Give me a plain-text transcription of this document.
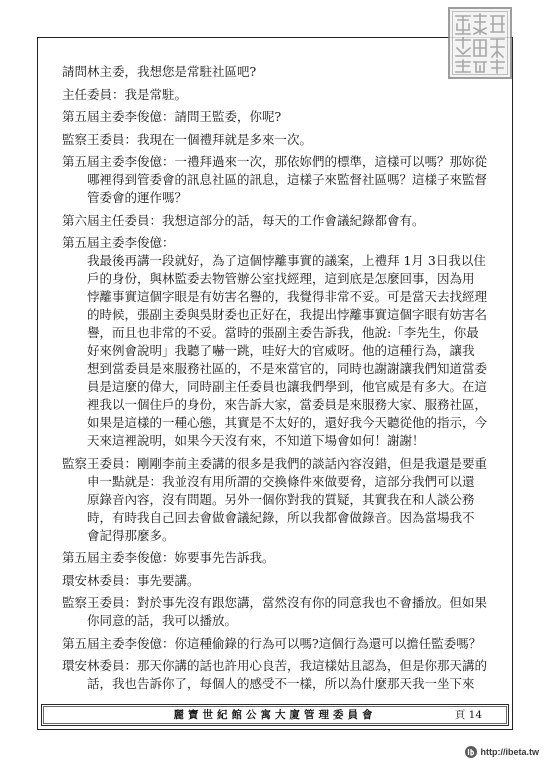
請問林主委，我想您是常駐社區吧?
主任委員：我是常駐。
第五屆主委李俊億：請問王監委，你呢?
監察王委員：我現在一個禮拜就是多來一次。
第五屆主委李俊億：一禮拜過來一次，那依妳們的標準，這樣可以嗎？那妳從
哪裡得到管委會的訊息社區的訊息，這樣子來監督社區嗎？這樣子來監督
管委會的運作嗎？
第六屆主任委員：我想這部分的話，每天的工作會議紀錄都會有。
第五屆主委李俊億：
我最後再講一段就好，為了這個悖離事實的議案，上禮拜 1月 3日我以住
戶的身份，與林監委去物管辦公室找經理，這到底是怎麼回事，因為用
悖離事實這個字眼是有妨害名譽的，我覺得非常不妥。可是當天去找經理
的時候，張副主委與吳財委也正好在，我提出悖離事實這個字眼有妨害名
譽，而且也非常的不妥。當時的張副主委告訴我，他說:「李先生，你最
好來例會說明」我聽了嚇一跳，哇好大的官威呀。他的這種行為，讓我
想到當委員是來服務社區的，不是來當官的，同時也謝謝讓我們知道當委
員是這麼的偉大，同時副主任委員也讓我們學到，他官威是有多大。在這
裡我以一個住戶的身份，來告訴大家，當委員是來服務大家、服務社區，
如果是這樣的一種心態，其實是不太好的，還好我今天聽從他的指示，今
天來這裡說明，如果今天沒有來，不知道下場會如何！謝謝！
監察王委員：剛剛李前主委講的很多是我們的談話內容沒錯，但是我還是要重
申一點就是：我並沒有用所謂的交換條件來做要脅，這部分我們可以還
原錄音內容，沒有問題。另外一個你對我的質疑，其實我在和人談公務
時，有時我自己回去會做會議紀錄，所以我都會做錄音。因為當場我不
會記得那麼多。
第五屆主委李俊億：妳要事先告訴我。
環安林委員：事先要講。
監察王委員：對於事先沒有跟您講，當然沒有你的同意我也不會播放。但如果
你同意的話，我可以播放。
第五屆主委李俊億：你這種偷錄的行為可以嗎?這個行為還可以擔任監委嗎？
環安林委員：那天你講的話也許用心良苦，我這樣姑且認為，但是你那天講的
話，我也告訴你了，每個人的感受不一樣，所以為什麼那天我一坐下來
麗寶世紀館公寓大廈管理委員會	頁 14
http://ibeta.tw
